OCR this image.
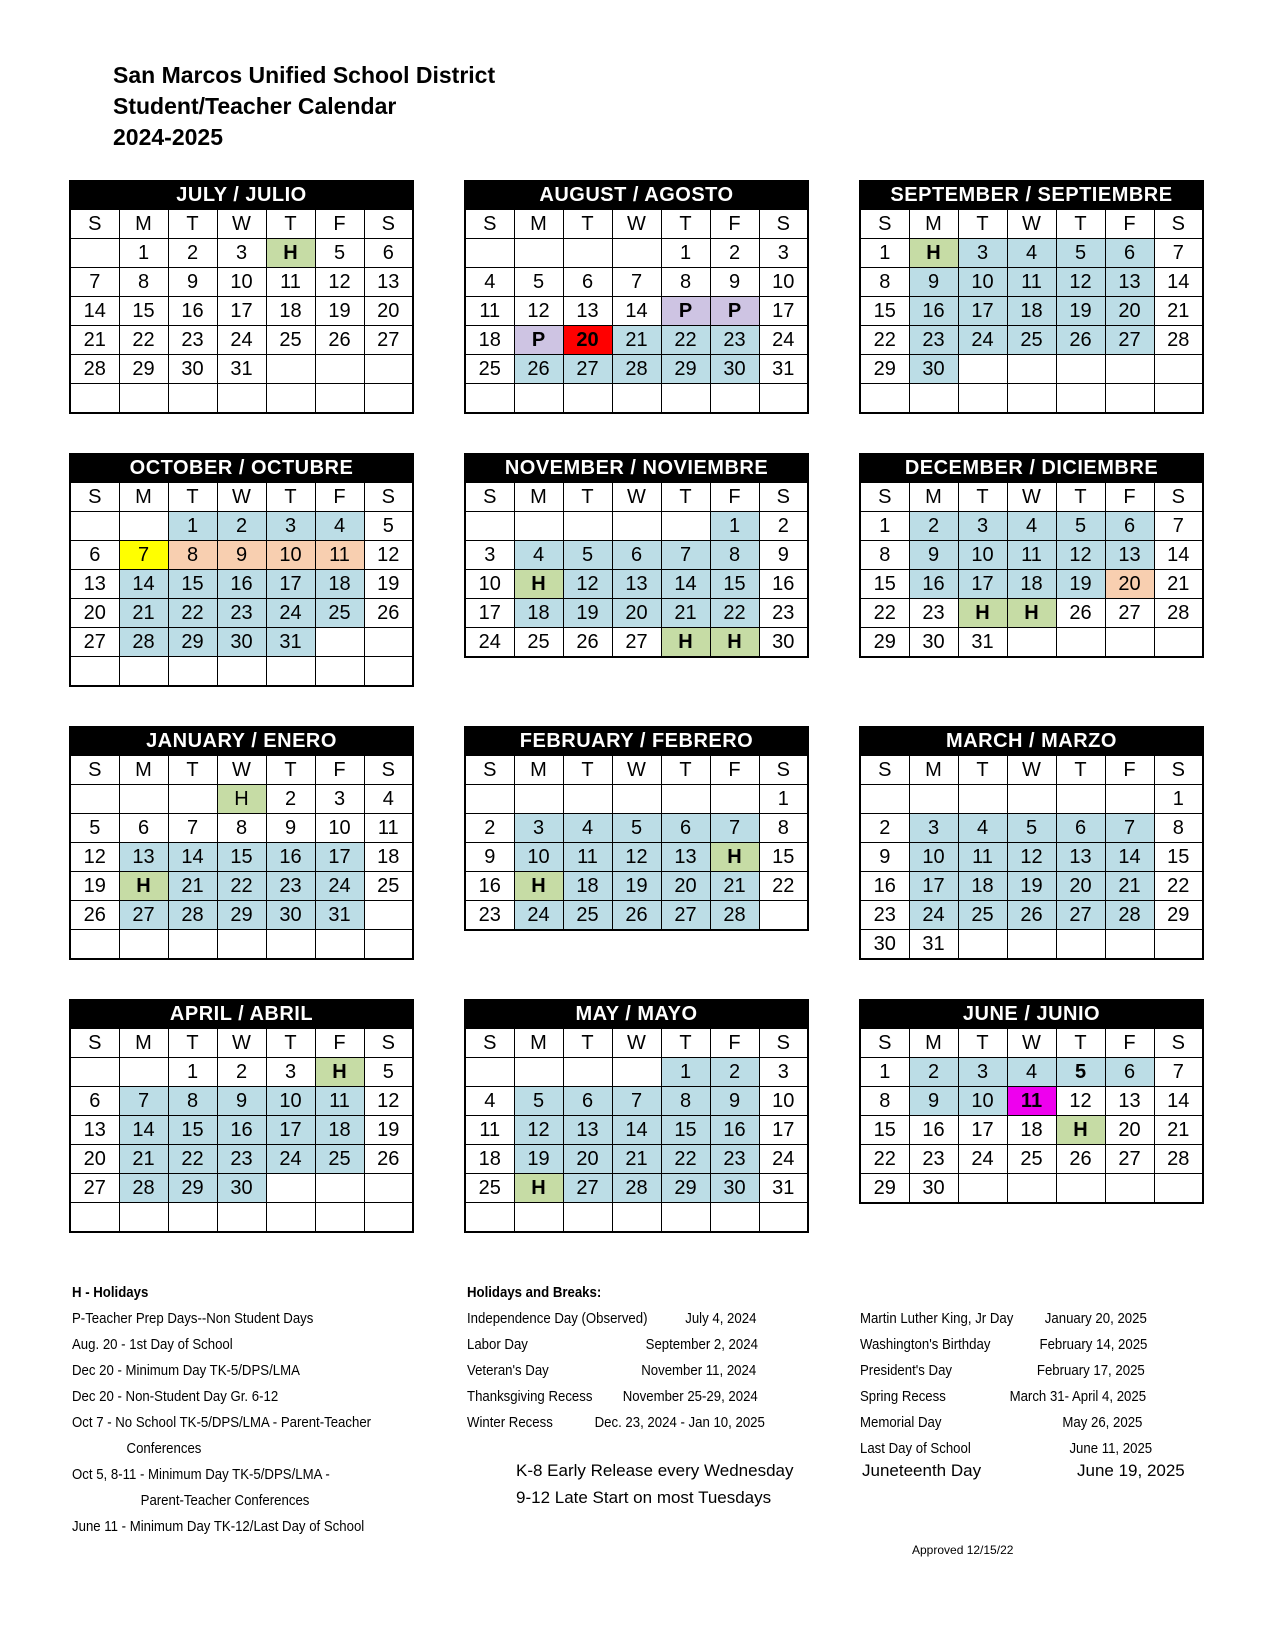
San Marcos Unified School District
Student/Teacher Calendar
2024-2025
JULY / JULIO						
S	M	T	W	T	F	S
	1	2	3	H	5	6
7	8	9	10	11	12	13
14	15	16	17	18	19	20
21	22	23	24	25	26	27
28	29	30	31			

AUGUST / AGOSTO						
S	M	T	W	T	F	S
				1	2	3
4	5	6	7	8	9	10
11	12	13	14	P	P	17
18	P	20	21	22	23	24
25	26	27	28	29	30	31

SEPTEMBER / SEPTIEMBRE						
S	M	T	W	T	F	S
1	H	3	4	5	6	7
8	9	10	11	12	13	14
15	16	17	18	19	20	21
22	23	24	25	26	27	28
29	30					

OCTOBER / OCTUBRE						
S	M	T	W	T	F	S
		1	2	3	4	5
6	7	8	9	10	11	12
13	14	15	16	17	18	19
20	21	22	23	24	25	26
27	28	29	30	31		

NOVEMBER / NOVIEMBRE						
S	M	T	W	T	F	S
					1	2
3	4	5	6	7	8	9
10	H	12	13	14	15	16
17	18	19	20	21	22	23
24	25	26	27	H	H	30
DECEMBER / DICIEMBRE						
S	M	T	W	T	F	S
1	2	3	4	5	6	7
8	9	10	11	12	13	14
15	16	17	18	19	20	21
22	23	H	H	26	27	28
29	30	31				
JANUARY / ENERO						
S	M	T	W	T	F	S
			H	2	3	4
5	6	7	8	9	10	11
12	13	14	15	16	17	18
19	H	21	22	23	24	25
26	27	28	29	30	31	

FEBRUARY / FEBRERO						
S	M	T	W	T	F	S
						1
2	3	4	5	6	7	8
9	10	11	12	13	H	15
16	H	18	19	20	21	22
23	24	25	26	27	28	
MARCH / MARZO						
S	M	T	W	T	F	S
						1
2	3	4	5	6	7	8
9	10	11	12	13	14	15
16	17	18	19	20	21	22
23	24	25	26	27	28	29
30	31					
APRIL / ABRIL						
S	M	T	W	T	F	S
		1	2	3	H	5
6	7	8	9	10	11	12
13	14	15	16	17	18	19
20	21	22	23	24	25	26
27	28	29	30			

MAY / MAYO						
S	M	T	W	T	F	S
				1	2	3
4	5	6	7	8	9	10
11	12	13	14	15	16	17
18	19	20	21	22	23	24
25	H	27	28	29	30	31

JUNE / JUNIO						
S	M	T	W	T	F	S
1	2	3	4	5	6	7
8	9	10	11	12	13	14
15	16	17	18	H	20	21
22	23	24	25	26	27	28
29	30					
H - Holidays
P-Teacher Prep Days--Non Student Days
Aug. 20 - 1st Day of School
Dec 20 - Minimum Day TK-5/DPS/LMA
Dec 20 - Non-Student Day Gr. 6-12
Oct 7 - No School TK-5/DPS/LMA - Parent-Teacher
Conferences
Oct 5, 8-11 - Minimum Day TK-5/DPS/LMA -
Parent-Teacher Conferences
June 11 - Minimum Day TK-12/Last Day of School
Holidays and Breaks:
Independence Day (Observed)	July 4, 2024
Labor Day	September 2, 2024
Veteran's Day	November 11, 2024
Thanksgiving Recess November 25-29, 2024
Winter Recess	Dec. 23, 2024 - Jan 10, 2025
K-8 Early Release every Wednesday
9-12 Late Start on most Tuesdays
Martin Luther King, Jr Day January 20, 2025
Washington's Birthday	February 14, 2025
President's Day	February 17, 2025
Spring Recess	March 31- April 4, 2025
Memorial Day	May 26, 2025
Last Day of School	June 11, 2025
Juneteenth Day	June 19, 2025
Approved 12/15/22
